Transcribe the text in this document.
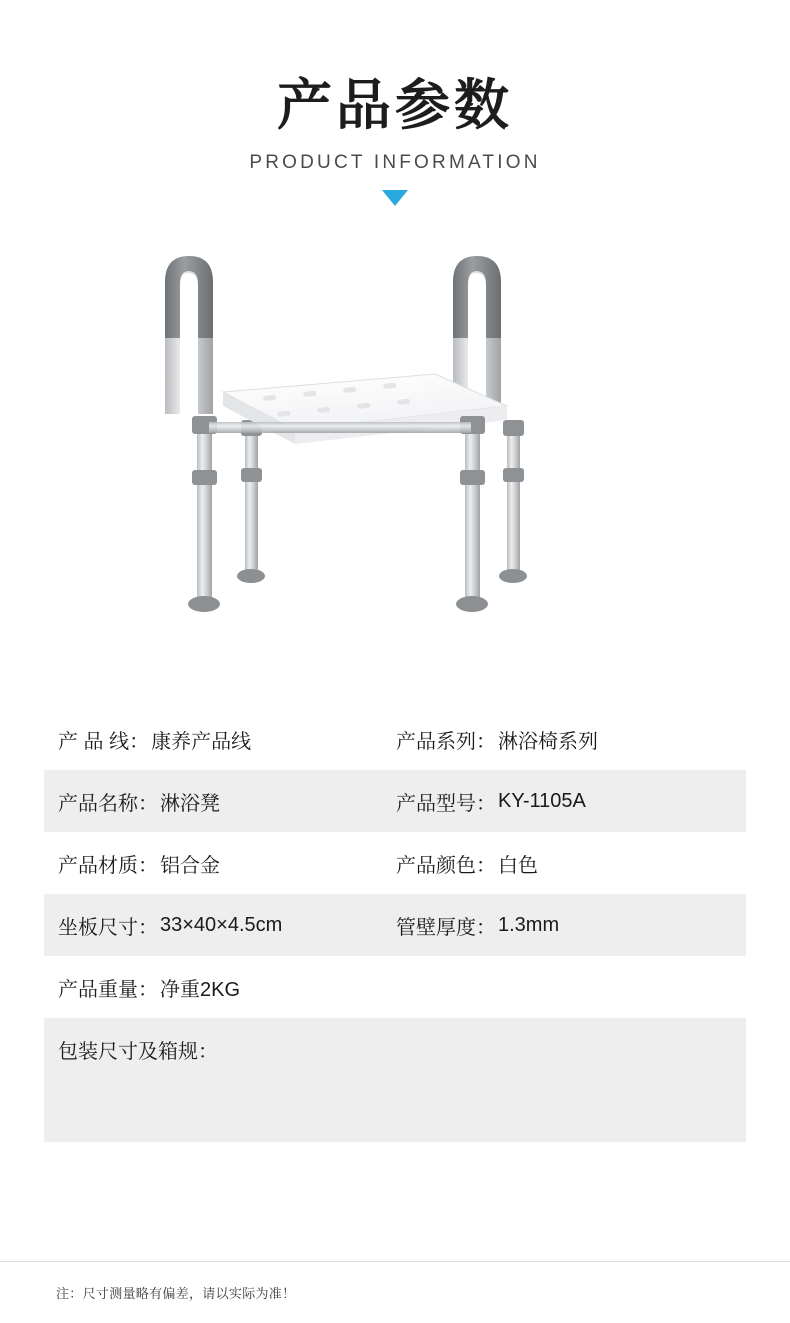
产品参数
PRODUCT INFORMATION
产 品 线： 康养产品线	产品系列： 淋浴椅系列

产品名称： 淋浴凳	产品型号： KY-1105A

产品材质： 铝合金	产品颜色： 白色

坐板尺寸： 33×40×4.5cm	管壁厚度： 1.3mm

产品重量： 净重2KG	

包装尺寸及箱规：	

注：尺寸测量略有偏差，请以实际为准！
